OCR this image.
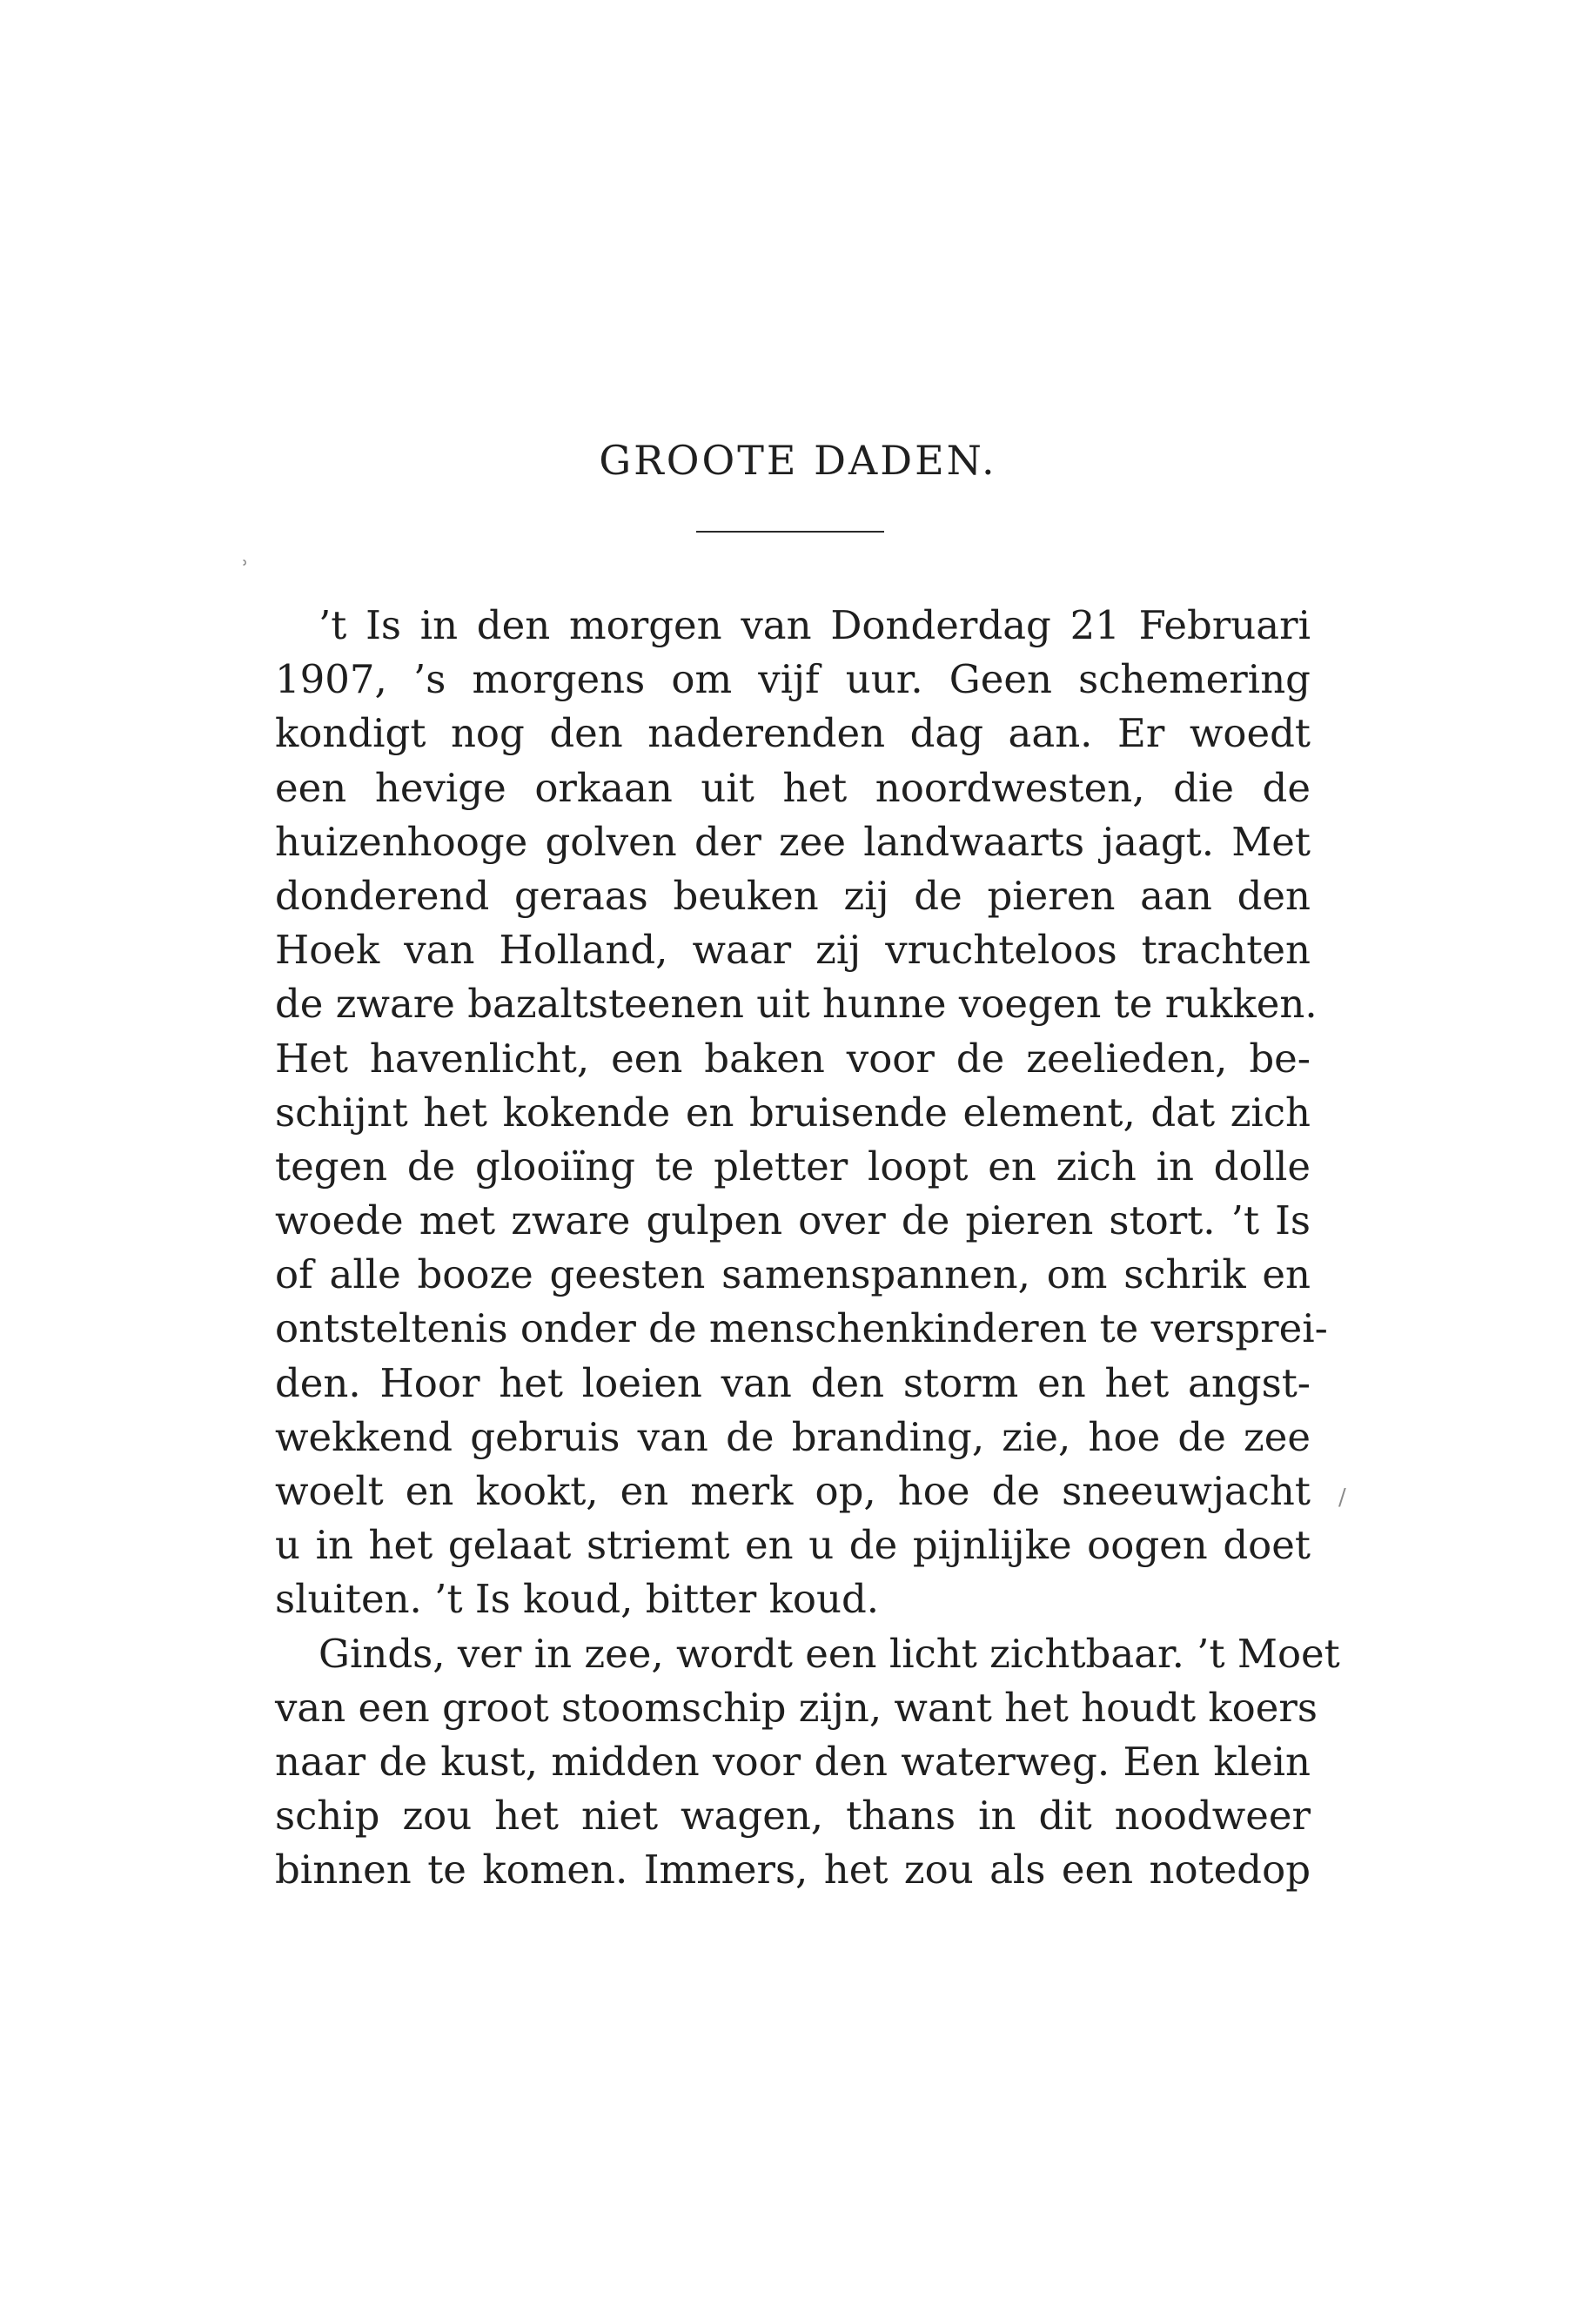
GROOTE DADEN.
’t Is in den morgen van Donderdag 21 Februari
1907, ’s morgens om vijf uur. Geen schemering
kondigt nog den naderenden dag aan. Er woedt
een hevige orkaan uit het noordwesten, die de
huizenhooge golven der zee landwaarts jaagt. Met
donderend geraas beuken zij de pieren aan den
Hoek van Holland, waar zij vruchteloos trachten
de zware bazaltsteenen uit hunne voegen te rukken.
Het havenlicht, een baken voor de zeelieden, be-
schijnt het kokende en bruisende element, dat zich
tegen de glooiïng te pletter loopt en zich in dolle
woede met zware gulpen over de pieren stort. ’t Is
of alle booze geesten samenspannen, om schrik en
ontsteltenis onder de menschenkinderen te versprei-
den. Hoor het loeien van den storm en het angst-
wekkend gebruis van de branding, zie, hoe de zee
woelt en kookt, en merk op, hoe de sneeuwjacht
u in het gelaat striemt en u de pijnlijke oogen doet
sluiten. ’t Is koud, bitter koud.
Ginds, ver in zee, wordt een licht zichtbaar. ’t Moet
van een groot stoomschip zijn, want het houdt koers
naar de kust, midden voor den waterweg. Een klein
schip zou het niet wagen, thans in dit noodweer
binnen te komen. Immers, het zou als een notedop
ʾ
/
